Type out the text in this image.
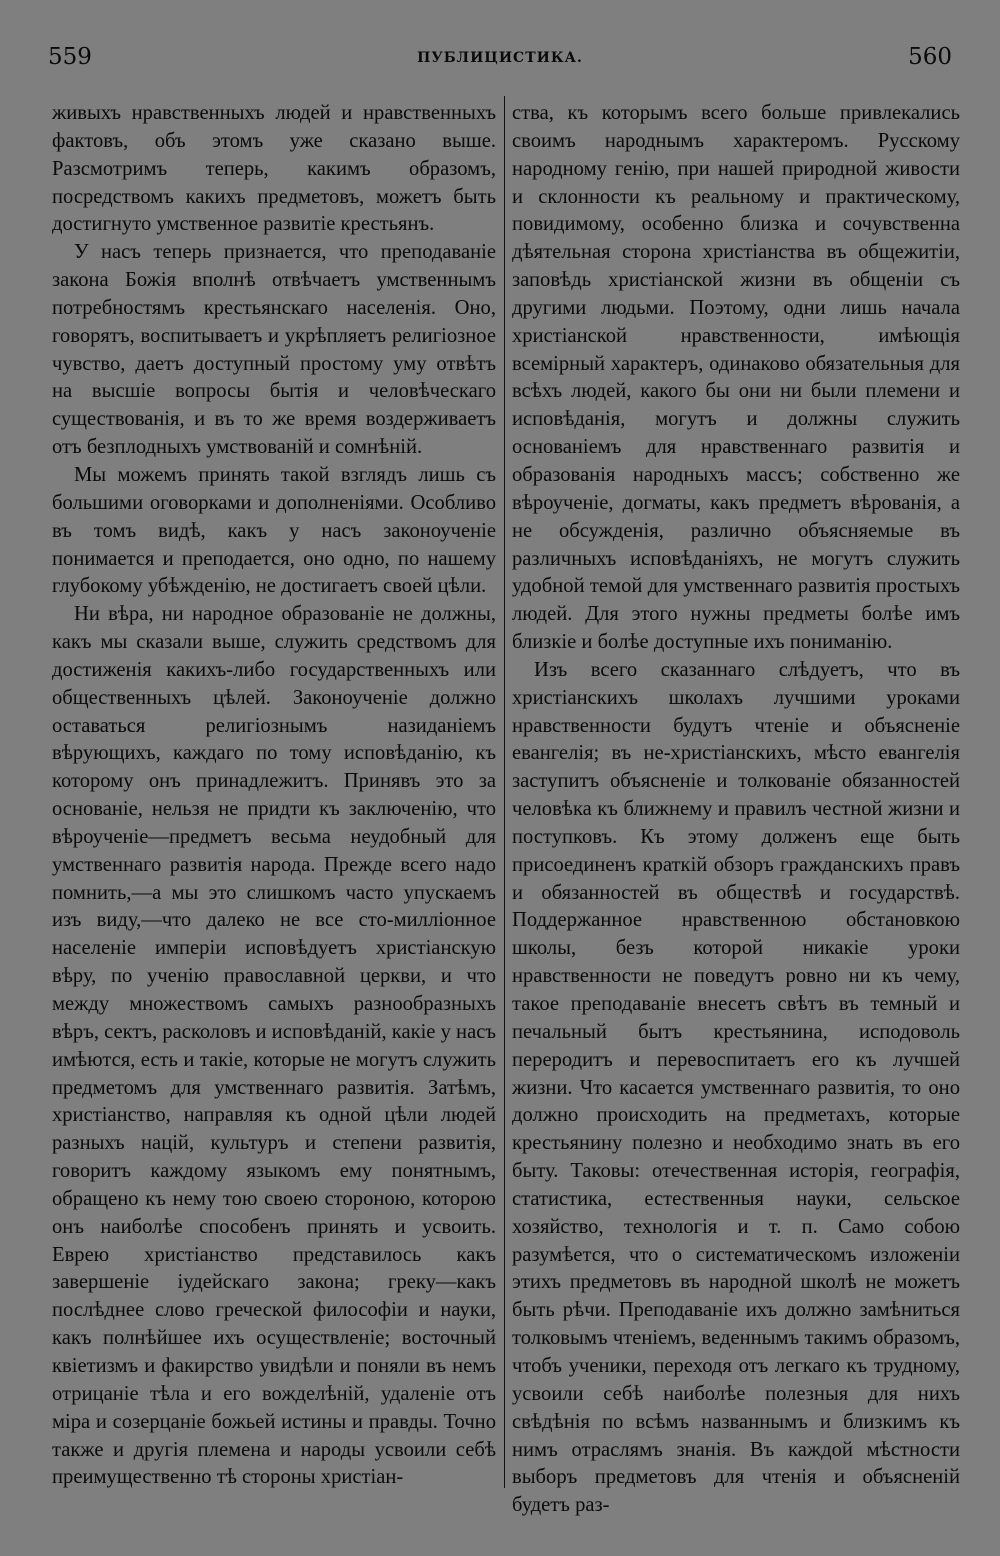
559	ПУБЛИЦИСТИКА.	560

живыхъ нравственныхъ людей и нравственныхъ фактовъ, объ этомъ уже сказано выше. Разсмотримъ теперь, какимъ образомъ, посредствомъ какихъ предметовъ, можетъ быть достигнуто умственное развитіе крестьянъ.

У насъ теперь признается, что преподаваніе закона Божія вполнѣ отвѣчаетъ умственнымъ потребностямъ крестьянскаго населенія. Оно, говорятъ, воспитываетъ и укрѣпляетъ религіозное чувство, даетъ доступный простому уму отвѣтъ на высшіе вопросы бытія и человѣческаго существованія, и въ то же время воздерживаетъ отъ безплодныхъ умствованій и сомнѣній.

Мы можемъ принять такой взглядъ лишь съ большими оговорками и дополненіями. Особливо въ томъ видѣ, какъ у насъ законоученіе понимается и преподается, оно одно, по нашему глубокому убѣжденію, не достигаетъ своей цѣли.

Ни вѣра, ни народное образованіе не должны, какъ мы сказали выше, служить средствомъ для достиженія какихъ-либо государственныхъ или общественныхъ цѣлей. Законоученіе должно оставаться религіознымъ назиданіемъ вѣрующихъ, каждаго по тому исповѣданію, къ которому онъ принадлежитъ. Принявъ это за основаніе, нельзя не придти къ заключенію, что вѣроученіе—предметъ весьма неудобный для умственнаго развитія народа. Прежде всего надо помнить,—а мы это слишкомъ часто упускаемъ изъ виду,—что далеко не все сто-милліонное населеніе имперіи исповѣдуетъ христіанскую вѣру, по ученію православной церкви, и что между множествомъ самыхъ разнообразныхъ вѣръ, сектъ, расколовъ и исповѣданій, какіе у насъ имѣются, есть и такіе, которые не могутъ служить предметомъ для умственнаго развитія. Затѣмъ, христіанство, направляя къ одной цѣли людей разныхъ націй, культуръ и степени развитія, говоритъ каждому языкомъ ему понятнымъ, обращено къ нему тою своею стороною, которою онъ наиболѣе способенъ принять и усвоить. Еврею христіанство представилось какъ завершеніе іудейскаго закона; греку—какъ послѣднее слово греческой философіи и науки, какъ полнѣйшее ихъ осуществленіе; восточный квіетизмъ и факирство увидѣли и поняли въ немъ отрицаніе тѣла и его вожделѣній, удаленіе отъ міра и созерцаніе божьей истины и правды. Точно также и другія племена и народы усвоили себѣ преимущественно тѣ стороны христіан-

ства, къ которымъ всего больше привлекались своимъ народнымъ характеромъ. Русскому народному генію, при нашей природной живости и склонности къ реальному и практическому, повидимому, особенно близка и сочувственна дѣятельная сторона христіанства въ общежитіи, заповѣдь христіанской жизни въ общеніи съ другими людьми. Поэтому, одни лишь начала христіанской нравственности, имѣющія всемірный характеръ, одинаково обязательныя для всѣхъ людей, какого бы они ни были племени и исповѣданія, могутъ и должны служить основаніемъ для нравственнаго развитія и образованія народныхъ массъ; собственно же вѣроученіе, догматы, какъ предметъ вѣрованія, а не обсужденія, различно объясняемые въ различныхъ исповѣданіяхъ, не могутъ служить удобной темой для умственнаго развитія простыхъ людей. Для этого нужны предметы болѣе имъ близкіе и болѣе доступные ихъ пониманію.

Изъ всего сказаннаго слѣдуетъ, что въ христіанскихъ школахъ лучшими уроками нравственности будутъ чтеніе и объясненіе евангелія; въ не-христіанскихъ, мѣсто евангелія заступитъ объясненіе и толкованіе обязанностей человѣка къ ближнему и правилъ честной жизни и поступковъ. Къ этому долженъ еще быть присоединенъ краткій обзоръ гражданскихъ правъ и обязанностей въ обществѣ и государствѣ. Поддержанное нравственною обстановкою школы, безъ которой никакіе уроки нравственности не поведутъ ровно ни къ чему, такое преподаваніе внесетъ свѣтъ въ темный и печальный бытъ крестьянина, исподоволь переродитъ и перевоспитаетъ его къ лучшей жизни. Что касается умственнаго развитія, то оно должно происходить на предметахъ, которые крестьянину полезно и необходимо знать въ его быту. Таковы: отечественная исторія, географія, статистика, естественныя науки, сельское хозяйство, технологія и т. п. Само собою разумѣется, что о систематическомъ изложеніи этихъ предметовъ въ народной школѣ не можетъ быть рѣчи. Преподаваніе ихъ должно замѣниться толковымъ чтеніемъ, веденнымъ такимъ образомъ, чтобъ ученики, переходя отъ легкаго къ трудному, усвоили себѣ наиболѣе полезныя для нихъ свѣдѣнія по всѣмъ названнымъ и близкимъ къ нимъ отраслямъ знанія. Въ каждой мѣстности выборъ предметовъ для чтенія и объясненій будетъ раз-
